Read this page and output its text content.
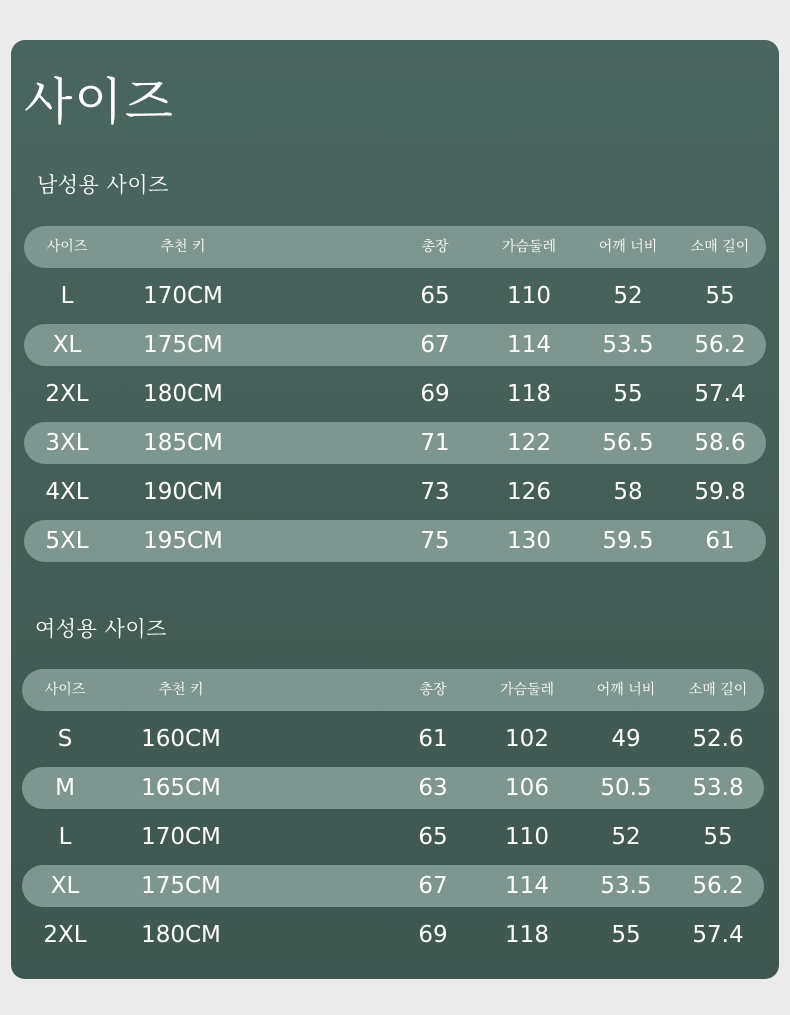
사이즈
남성용 사이즈
사이즈	추천 키	총장	가슴둘레	어깨 너비	소매 길이
L	170CM	65	110	52	55
XL	175CM	67	114	53.5	56.2
2XL	180CM	69	118	55	57.4
3XL	185CM	71	122	56.5	58.6
4XL	190CM	73	126	58	59.8
5XL	195CM	75	130	59.5	61
여성용 사이즈
사이즈	추천 키	총장	가슴둘레	어깨 너비	소매 길이
S	160CM	61	102	49	52.6
M	165CM	63	106	50.5	53.8
L	170CM	65	110	52	55
XL	175CM	67	114	53.5	56.2
2XL	180CM	69	118	55	57.4
